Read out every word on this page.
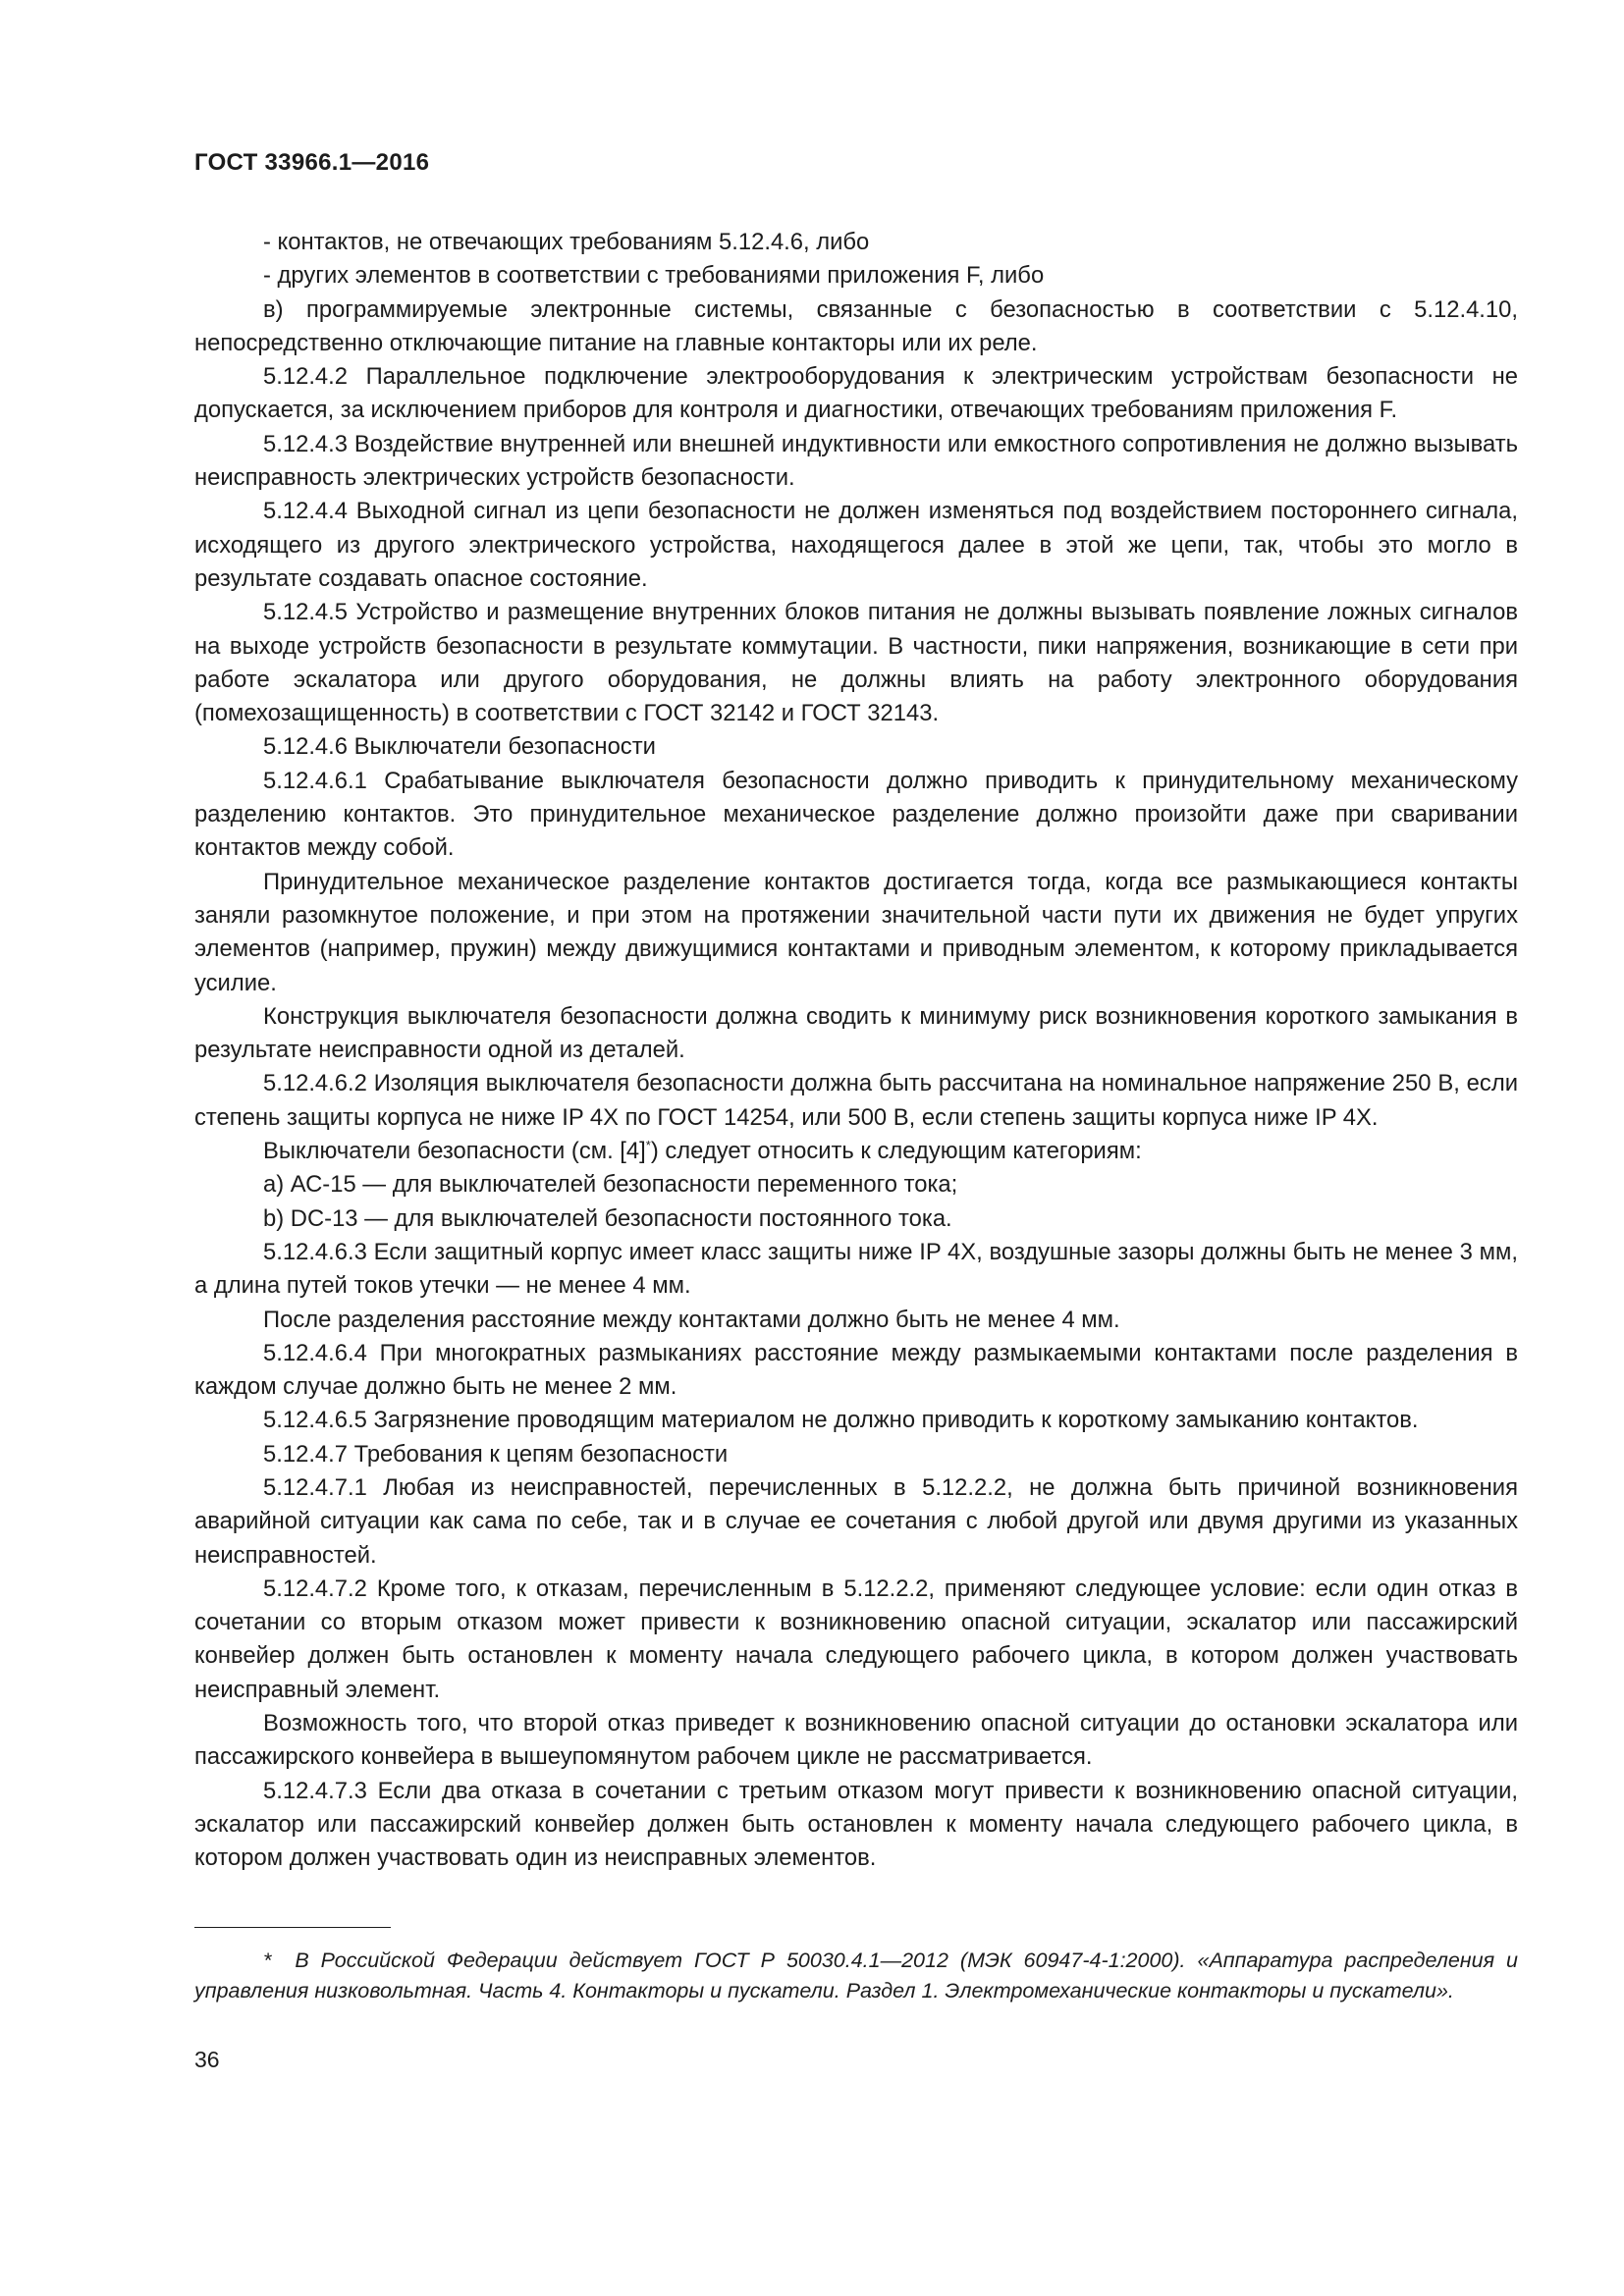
ГОСТ 33966.1—2016

- контактов, не отвечающих требованиям 5.12.4.6, либо

- других элементов в соответствии с требованиями приложения F, либо

в) программируемые электронные системы, связанные с безопасностью в соответствии с 5.12.4.10, непосредственно отключающие питание на главные контакторы или их реле.

5.12.4.2 Параллельное подключение электрооборудования к электрическим устройствам безопасности не допускается, за исключением приборов для контроля и диагностики, отвечающих требованиям приложения F.

5.12.4.3 Воздействие внутренней или внешней индуктивности или емкостного сопротивления не должно вызывать неисправность электрических устройств безопасности.

5.12.4.4 Выходной сигнал из цепи безопасности не должен изменяться под воздействием постороннего сигнала, исходящего из другого электрического устройства, находящегося далее в этой же цепи, так, чтобы это могло в результате создавать опасное состояние.

5.12.4.5 Устройство и размещение внутренних блоков питания не должны вызывать появление ложных сигналов на выходе устройств безопасности в результате коммутации. В частности, пики напряжения, возникающие в сети при работе эскалатора или другого оборудования, не должны влиять на работу электронного оборудования (помехозащищенность) в соответствии с ГОСТ 32142 и ГОСТ 32143.

5.12.4.6 Выключатели безопасности

5.12.4.6.1 Срабатывание выключателя безопасности должно приводить к принудительному механическому разделению контактов. Это принудительное механическое разделение должно произойти даже при сваривании контактов между собой.

Принудительное механическое разделение контактов достигается тогда, когда все размыкающиеся контакты заняли разомкнутое положение, и при этом на протяжении значительной части пути их движения не будет упругих элементов (например, пружин) между движущимися контактами и приводным элементом, к которому прикладывается усилие.

Конструкция выключателя безопасности должна сводить к минимуму риск возникновения короткого замыкания в результате неисправности одной из деталей.

5.12.4.6.2 Изоляция выключателя безопасности должна быть рассчитана на номинальное напряжение 250 В, если степень защиты корпуса не ниже IP 4Х по ГОСТ 14254, или 500 В, если степень защиты корпуса ниже IP 4Х.

Выключатели безопасности (см. [4]*) следует относить к следующим категориям:

а) АС-15 — для выключателей безопасности переменного тока;

b) DC-13 — для выключателей безопасности постоянного тока.

5.12.4.6.3 Если защитный корпус имеет класс защиты ниже IP 4Х, воздушные зазоры должны быть не менее 3 мм, а длина путей токов утечки — не менее 4 мм.

После разделения расстояние между контактами должно быть не менее 4 мм.

5.12.4.6.4 При многократных размыканиях расстояние между размыкаемыми контактами после разделения в каждом случае должно быть не менее 2 мм.

5.12.4.6.5 Загрязнение проводящим материалом не должно приводить к короткому замыканию контактов.

5.12.4.7 Требования к цепям безопасности

5.12.4.7.1 Любая из неисправностей, перечисленных в 5.12.2.2, не должна быть причиной возникновения аварийной ситуации как сама по себе, так и в случае ее сочетания с любой другой или двумя другими из указанных неисправностей.

5.12.4.7.2 Кроме того, к отказам, перечисленным в 5.12.2.2, применяют следующее условие: если один отказ в сочетании со вторым отказом может привести к возникновению опасной ситуации, эскалатор или пассажирский конвейер должен быть остановлен к моменту начала следующего рабочего цикла, в котором должен участвовать неисправный элемент.

Возможность того, что второй отказ приведет к возникновению опасной ситуации до остановки эскалатора или пассажирского конвейера в вышеупомянутом рабочем цикле не рассматривается.

5.12.4.7.3 Если два отказа в сочетании с третьим отказом могут привести к возникновению опасной ситуации, эскалатор или пассажирский конвейер должен быть остановлен к моменту начала следующего рабочего цикла, в котором должен участвовать один из неисправных элементов.

* В Российской Федерации действует ГОСТ Р 50030.4.1—2012 (МЭК 60947-4-1:2000). «Аппаратура распределения и управления низковольтная. Часть 4. Контакторы и пускатели. Раздел 1. Электромеханические контакторы и пускатели».

36
